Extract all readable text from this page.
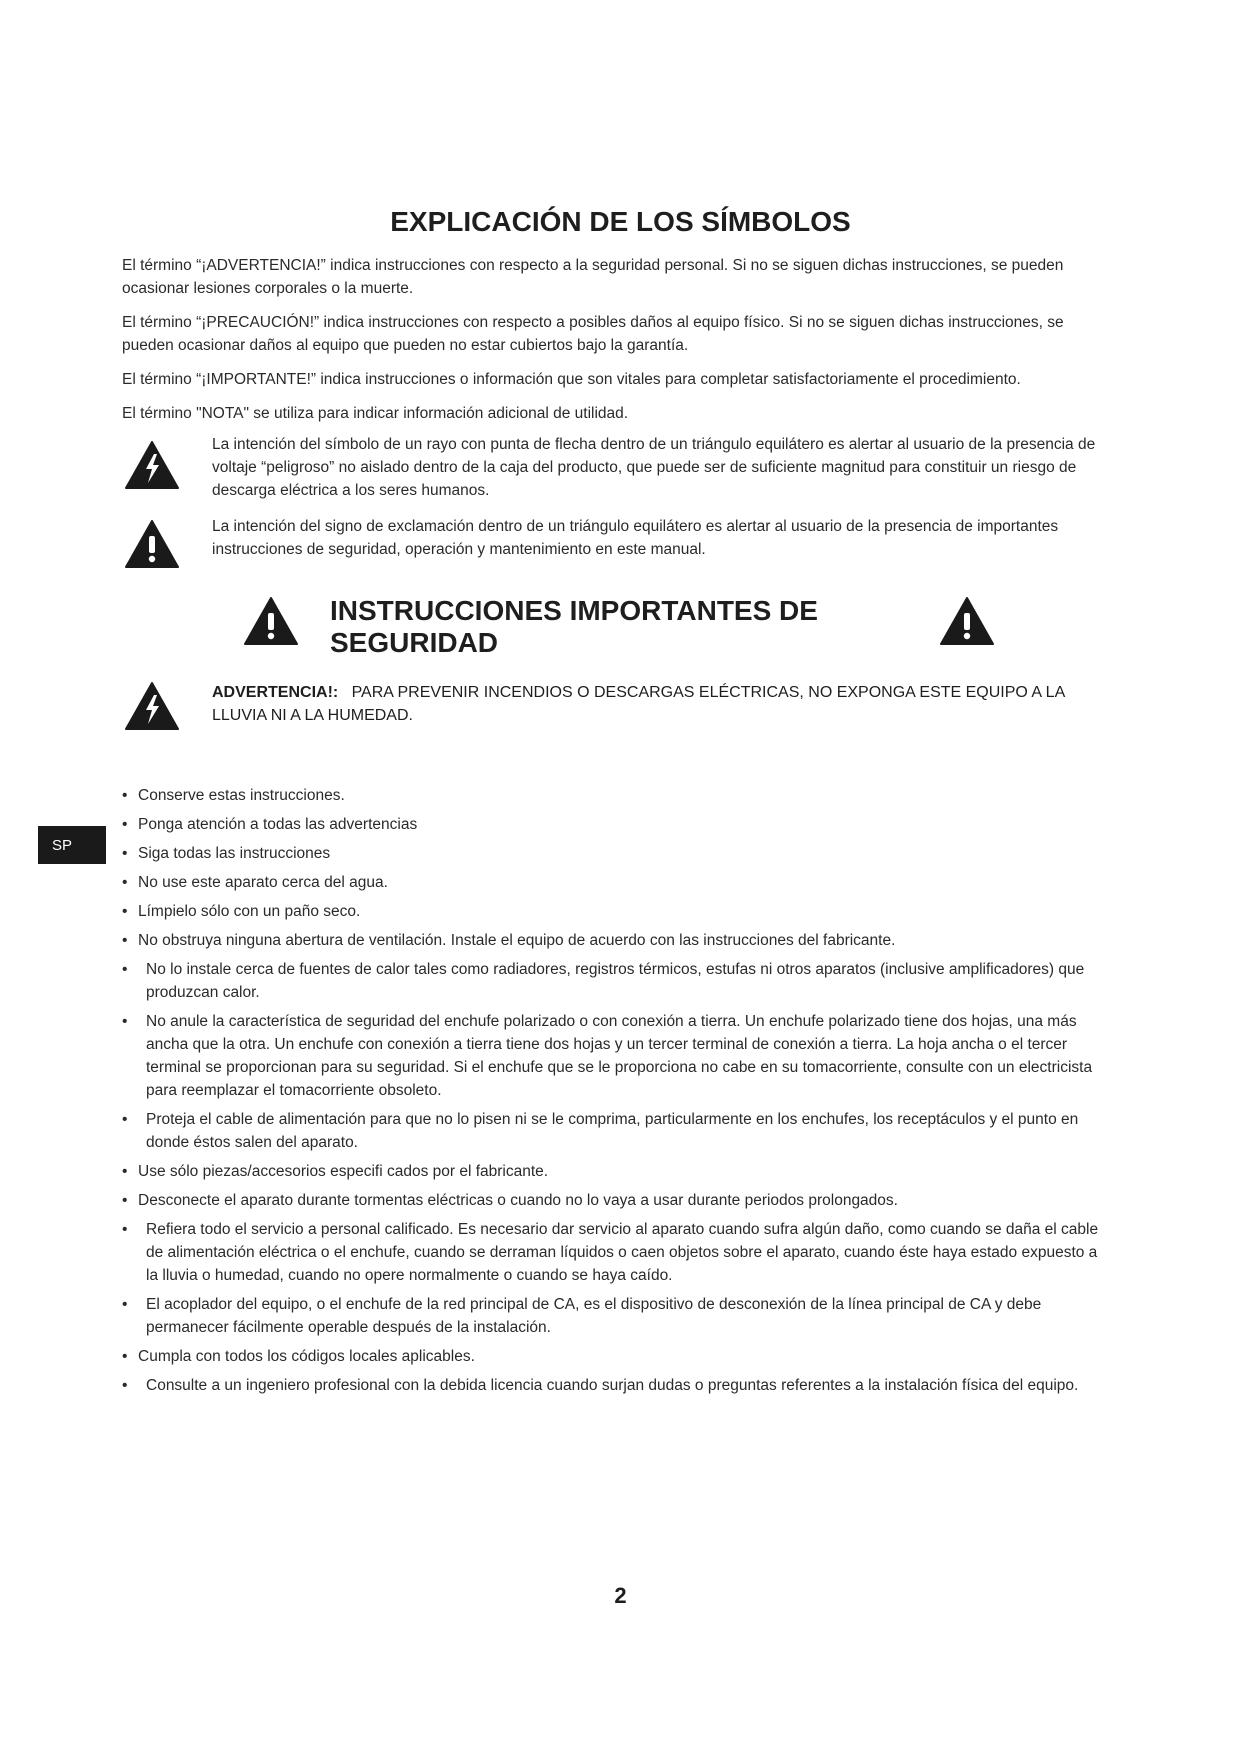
EXPLICACIÓN DE LOS SÍMBOLOS
El término “¡ADVERTENCIA!” indica instrucciones con respecto a la seguridad personal. Si no se siguen dichas instrucciones, se pueden ocasionar lesiones corporales o la muerte.
El término “¡PRECAUCIÓN!” indica instrucciones con respecto a posibles daños al equipo físico. Si no se siguen dichas instrucciones, se pueden ocasionar daños al equipo que pueden no estar cubiertos bajo la garantía.
El término “¡IMPORTANTE!” indica instrucciones o información que son vitales para completar satisfactoriamente el procedimiento.
El término "NOTA" se utiliza para indicar información adicional de utilidad.
La intención del símbolo de un rayo con punta de flecha dentro de un triángulo equilátero es alertar al usuario de la presencia de voltaje “peligroso” no aislado dentro de la caja del producto, que puede ser de suficiente magnitud para constituir un riesgo de descarga eléctrica a los seres humanos.
La intención del signo de exclamación dentro de un triángulo equilátero es alertar al usuario de la presencia de importantes instrucciones de seguridad, operación y mantenimiento en este manual.
INSTRUCCIONES IMPORTANTES DE SEGURIDAD
ADVERTENCIA!: PARA PREVENIR INCENDIOS O DESCARGAS ELÉCTRICAS, NO EXPONGA ESTE EQUIPO A LA LLUVIA NI A LA HUMEDAD.
SP
• Conserve estas instrucciones.
• Ponga atención a todas las advertencias
• Siga todas las instrucciones
• No use este aparato cerca del agua.
• Límpielo sólo con un paño seco.
• No obstruya ninguna abertura de ventilación. Instale el equipo de acuerdo con las instrucciones del fabricante.
• No lo instale cerca de fuentes de calor tales como radiadores, registros térmicos, estufas ni otros aparatos (inclusive amplificadores) que produzcan calor.
• No anule la característica de seguridad del enchufe polarizado o con conexión a tierra. Un enchufe polarizado tiene dos hojas, una más ancha que la otra. Un enchufe con conexión a tierra tiene dos hojas y un tercer terminal de conexión a tierra. La hoja ancha o el tercer terminal se proporcionan para su seguridad. Si el enchufe que se le proporciona no cabe en su tomacorriente, consulte con un electricista para reemplazar el tomacorriente obsoleto.
• Proteja el cable de alimentación para que no lo pisen ni se le comprima, particularmente en los enchufes, los receptáculos y el punto en donde éstos salen del aparato.
• Use sólo piezas/accesorios especifi cados por el fabricante.
• Desconecte el aparato durante tormentas eléctricas o cuando no lo vaya a usar durante periodos prolongados.
• Refiera todo el servicio a personal calificado. Es necesario dar servicio al aparato cuando sufra algún daño, como cuando se daña el cable de alimentación eléctrica o el enchufe, cuando se derraman líquidos o caen objetos sobre el aparato, cuando éste haya estado expuesto a la lluvia o humedad, cuando no opere normalmente o cuando se haya caído.
• El acoplador del equipo, o el enchufe de la red principal de CA, es el dispositivo de desconexión de la línea principal de CA y debe permanecer fácilmente operable después de la instalación.
• Cumpla con todos los códigos locales aplicables.
• Consulte a un ingeniero profesional con la debida licencia cuando surjan dudas o preguntas referentes a la instalación física del equipo.
2
